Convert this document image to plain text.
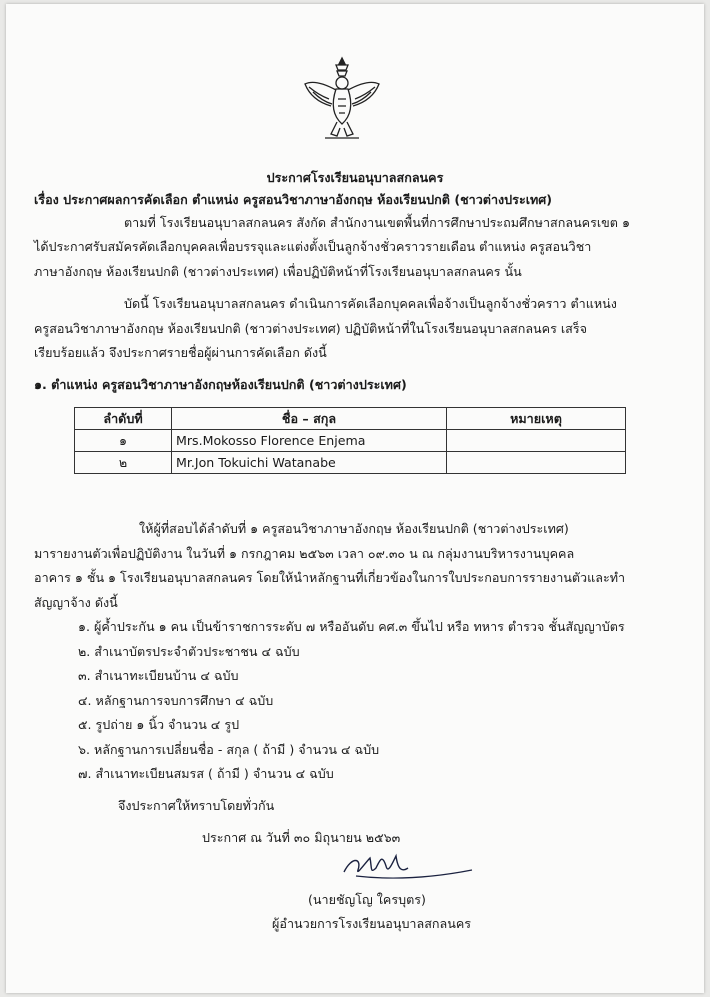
ประกาศโรงเรียนอนุบาลสกลนคร
เรื่อง ประกาศผลการคัดเลือก ตำแหน่ง ครูสอนวิชาภาษาอังกฤษ ห้องเรียนปกติ (ชาวต่างประเทศ)
ตามที่ โรงเรียนอนุบาลสกลนคร สังกัด สำนักงานเขตพื้นที่การศึกษาประถมศึกษาสกลนครเขต ๑
ได้ประกาศรับสมัครคัดเลือกบุคคลเพื่อบรรจุและแต่งตั้งเป็นลูกจ้างชั่วคราวรายเดือน ตำแหน่ง ครูสอนวิชา
ภาษาอังกฤษ ห้องเรียนปกติ (ชาวต่างประเทศ) เพื่อปฏิบัติหน้าที่โรงเรียนอนุบาลสกลนคร นั้น
บัดนี้ โรงเรียนอนุบาลสกลนคร ดำเนินการคัดเลือกบุคคลเพื่อจ้างเป็นลูกจ้างชั่วคราว ตำแหน่ง
ครูสอนวิชาภาษาอังกฤษ ห้องเรียนปกติ (ชาวต่างประเทศ) ปฏิบัติหน้าที่ในโรงเรียนอนุบาลสกลนคร เสร็จ
เรียบร้อยแล้ว จึงประกาศรายชื่อผู้ผ่านการคัดเลือก ดังนี้
๑. ตำแหน่ง ครูสอนวิชาภาษาอังกฤษห้องเรียนปกติ (ชาวต่างประเทศ)
ลำดับที่	ชื่อ – สกุล	หมายเหตุ
๑	Mrs.Mokosso Florence Enjema	
๒	Mr.Jon Tokuichi Watanabe	
ให้ผู้ที่สอบได้ลำดับที่ ๑ ครูสอนวิชาภาษาอังกฤษ ห้องเรียนปกติ (ชาวต่างประเทศ)
มารายงานตัวเพื่อปฏิบัติงาน ในวันที่ ๑ กรกฎาคม ๒๕๖๓ เวลา ๐๙.๓๐ น ณ กลุ่มงานบริหารงานบุคคล
อาคาร ๑ ชั้น ๑ โรงเรียนอนุบาลสกลนคร โดยให้นำหลักฐานที่เกี่ยวข้องในการใบประกอบการรายงานตัวและทำ
สัญญาจ้าง ดังนี้
๑. ผู้ค้ำประกัน ๑ คน เป็นข้าราชการระดับ ๗ หรืออันดับ คศ.๓ ขึ้นไป หรือ ทหาร ตำรวจ ชั้นสัญญาบัตร
๒. สำเนาบัตรประจำตัวประชาชน ๔ ฉบับ
๓. สำเนาทะเบียนบ้าน ๔ ฉบับ
๔. หลักฐานการจบการศึกษา ๔ ฉบับ
๕. รูปถ่าย ๑ นิ้ว จำนวน ๔ รูป
๖. หลักฐานการเปลี่ยนชื่อ - สกุล ( ถ้ามี ) จำนวน ๔ ฉบับ
๗. สำเนาทะเบียนสมรส ( ถ้ามี ) จำนวน ๔ ฉบับ
จึงประกาศให้ทราบโดยทั่วกัน
ประกาศ ณ วันที่ ๓๐ มิถุนายน ๒๕๖๓
(นายชัญโญ ใครบุตร)
ผู้อำนวยการโรงเรียนอนุบาลสกลนคร
